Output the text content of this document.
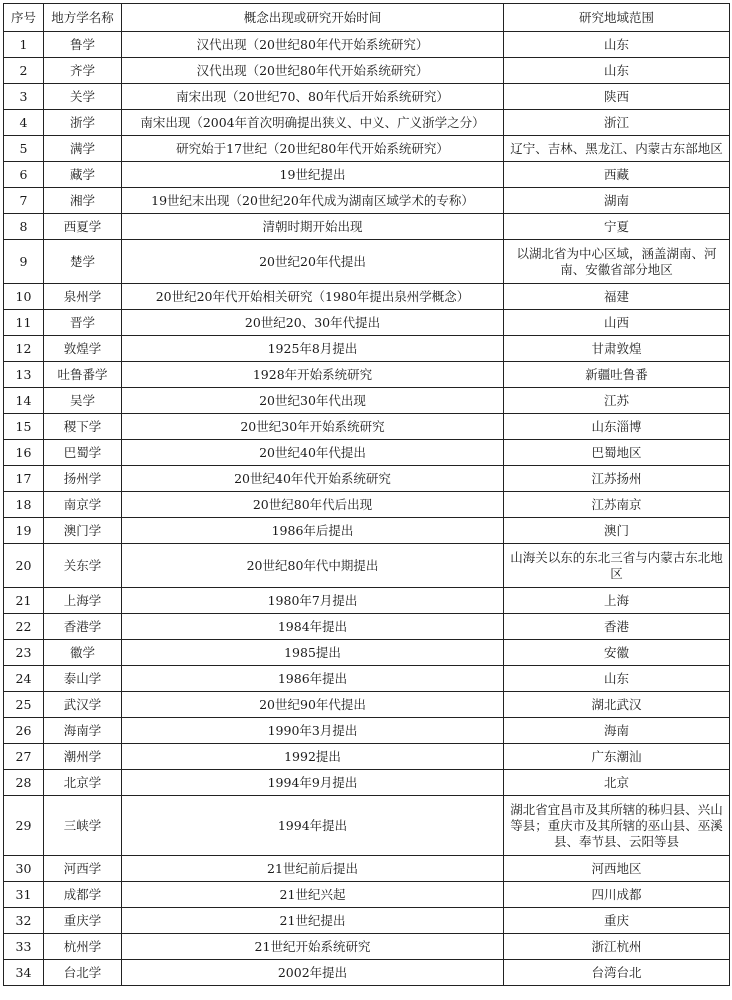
序号	地方学名称	概念出现或研究开始时间	研究地域范围
1	鲁学	汉代出现（20世纪80年代开始系统研究）	山东
2	齐学	汉代出现（20世纪80年代开始系统研究）	山东
3	关学	南宋出现（20世纪70、80年代后开始系统研究）	陕西
4	浙学	南宋出现（2004年首次明确提出狭义、中义、广义浙学之分）	浙江
5	满学	研究始于17世纪（20世纪80年代开始系统研究）	辽宁、吉林、黑龙江、内蒙古东部地区
6	藏学	19世纪提出	西藏
7	湘学	19世纪末出现（20世纪20年代成为湖南区域学术的专称）	湖南
8	西夏学	清朝时期开始出现	宁夏
9	楚学	20世纪20年代提出	以湖北省为中心区域，涵盖湖南、河南、安徽省部分地区
10	泉州学	20世纪20年代开始相关研究（1980年提出泉州学概念）	福建
11	晋学	20世纪20、30年代提出	山西
12	敦煌学	1925年8月提出	甘肃敦煌
13	吐鲁番学	1928年开始系统研究	新疆吐鲁番
14	吴学	20世纪30年代出现	江苏
15	稷下学	20世纪30年开始系统研究	山东淄博
16	巴蜀学	20世纪40年代提出	巴蜀地区
17	扬州学	20世纪40年代开始系统研究	江苏扬州
18	南京学	20世纪80年代后出现	江苏南京
19	澳门学	1986年后提出	澳门
20	关东学	20世纪80年代中期提出	山海关以东的东北三省与内蒙古东北地区
21	上海学	1980年7月提出	上海
22	香港学	1984年提出	香港
23	徽学	1985提出	安徽
24	泰山学	1986年提出	山东
25	武汉学	20世纪90年代提出	湖北武汉
26	海南学	1990年3月提出	海南
27	潮州学	1992提出	广东潮汕
28	北京学	1994年9月提出	北京
29	三峡学	1994年提出	湖北省宜昌市及其所辖的秭归县、兴山等县；重庆市及其所辖的巫山县、巫溪县、奉节县、云阳等县
30	河西学	21世纪前后提出	河西地区
31	成都学	21世纪兴起	四川成都
32	重庆学	21世纪提出	重庆
33	杭州学	21世纪开始系统研究	浙江杭州
34	台北学	2002年提出	台湾台北
